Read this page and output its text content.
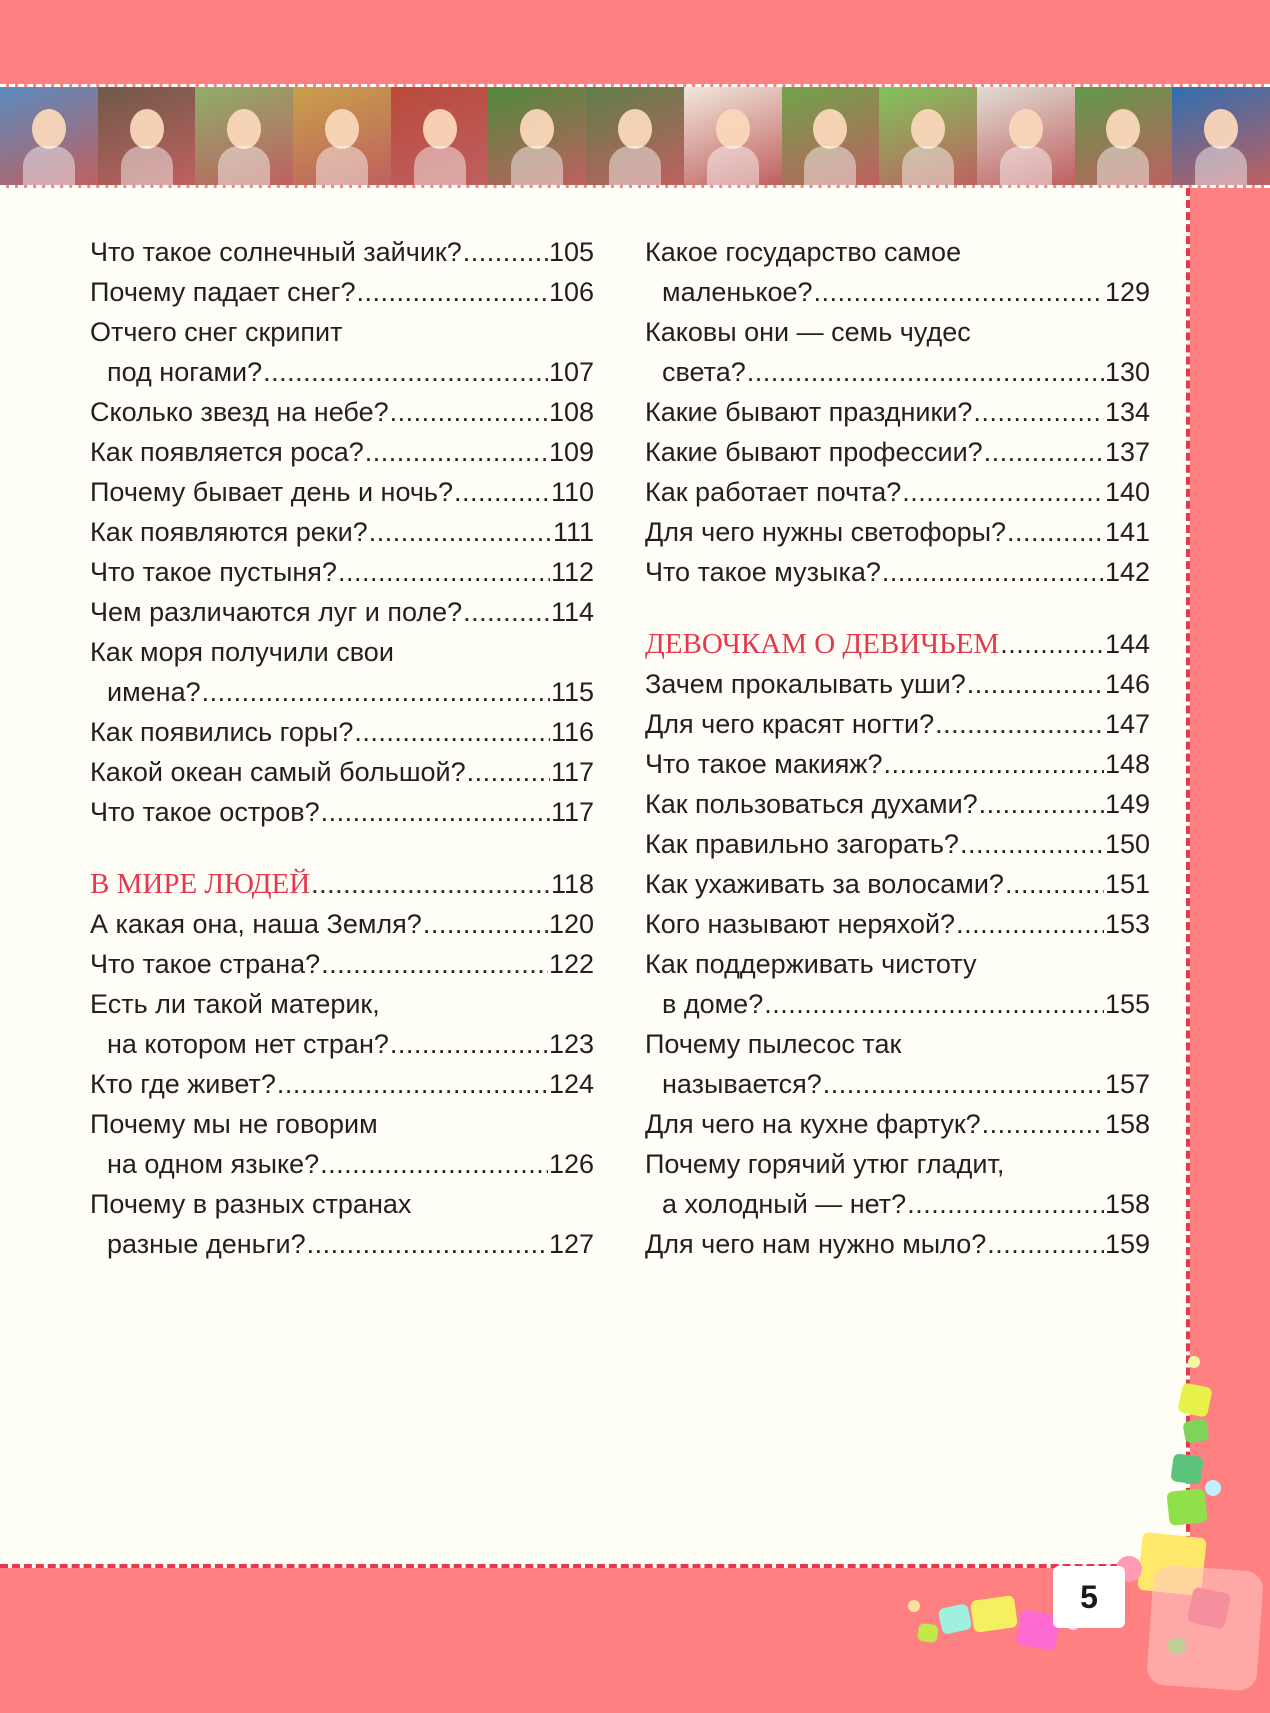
Что такое солнечный зайчик? .....	105
Почему падает снег? .....	106
Отчего снег скрипит
под ногами? .....	107
Сколько звезд на небе? .....	108
Как появляется роса? .....	109
Почему бывает день и ночь? .....	110
Как появляются реки? .....	111
Что такое пустыня? .....	112
Чем различаются луг и поле? .....	114
Как моря получили свои
имена? .....	115
Как появились горы? .....	116
Какой океан самый большой? .....	117
Что такое остров? .....	117
В МИРЕ ЛЮДЕЙ .....	118
А какая она, наша Земля? .....	120
Что такое страна? .....	122
Есть ли такой материк,
на котором нет стран? .....	123
Кто где живет? .....	124
Почему мы не говорим
на одном языке? .....	126
Почему в разных странах
разные деньги? .....	127
Какое государство самое
маленькое? .....	129
Каковы они — семь чудес
света? .....	130
Какие бывают праздники? .....	134
Какие бывают профессии? .....	137
Как работает почта? .....	140
Для чего нужны светофоры? .....	141
Что такое музыка? .....	142
ДЕВОЧКАМ О ДЕВИЧЬЕМ .....	144
Зачем прокалывать уши? .....	146
Для чего красят ногти? .....	147
Что такое макияж? .....	148
Как пользоваться духами? .....	149
Как правильно загорать? .....	150
Как ухаживать за волосами? .....	151
Кого называют неряхой? .....	153
Как поддерживать чистоту
в доме? .....	155
Почему пылесос так
называется? .....	157
Для чего на кухне фартук? .....	158
Почему горячий утюг гладит,
а холодный — нет? .....	158
Для чего нам нужно мыло? .....	159
5
